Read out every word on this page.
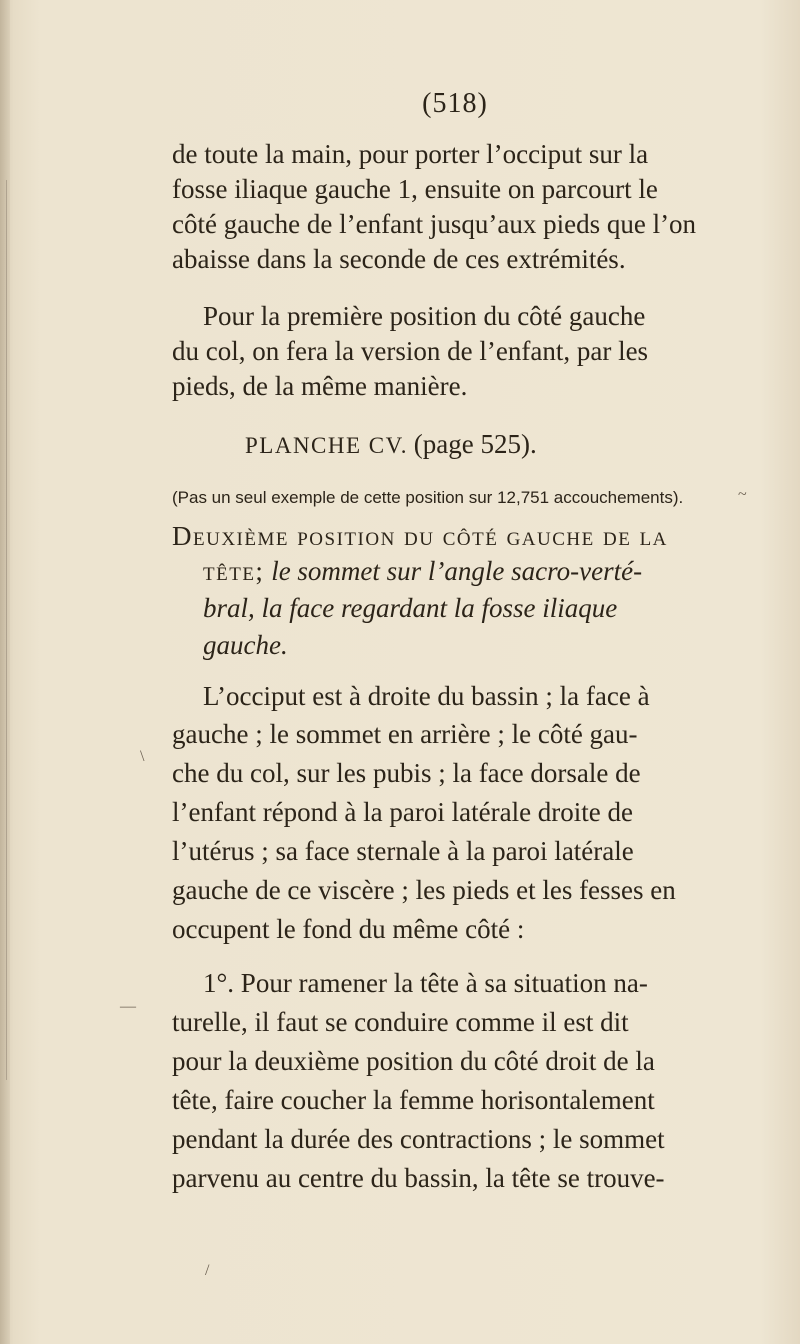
(518)
de toute la main, pour porter l’occiput sur la
fosse iliaque gauche 1, ensuite on parcourt le
côté gauche de l’enfant jusqu’aux pieds que l’on
abaisse dans la seconde de ces extrémités.
Pour la première position du côté gauche
du col, on fera la version de l’enfant, par les
pieds, de la même manière.
PLANCHE CV. (page 525).
(Pas un seul exemple de cette position sur 12,751 accouchements).
Deuxième position du côté gauche de la
tête; le sommet sur l’angle sacro-verté-
bral, la face regardant la fosse iliaque
gauche.
L’occiput est à droite du bassin ; la face à
gauche ; le sommet en arrière ; le côté gau-
che du col, sur les pubis ; la face dorsale de
l’enfant répond à la paroi latérale droite de
l’utérus ; sa face sternale à la paroi latérale
gauche de ce viscère ; les pieds et les fesses en
occupent le fond du même côté :
1°. Pour ramener la tête à sa situation na-
turelle, il faut se conduire comme il est dit
pour la deuxième position du côté droit de la
tête, faire coucher la femme horisontalement
pendant la durée des contractions ; le sommet
parvenu au centre du bassin, la tête se trouve-
~
\
—
/
